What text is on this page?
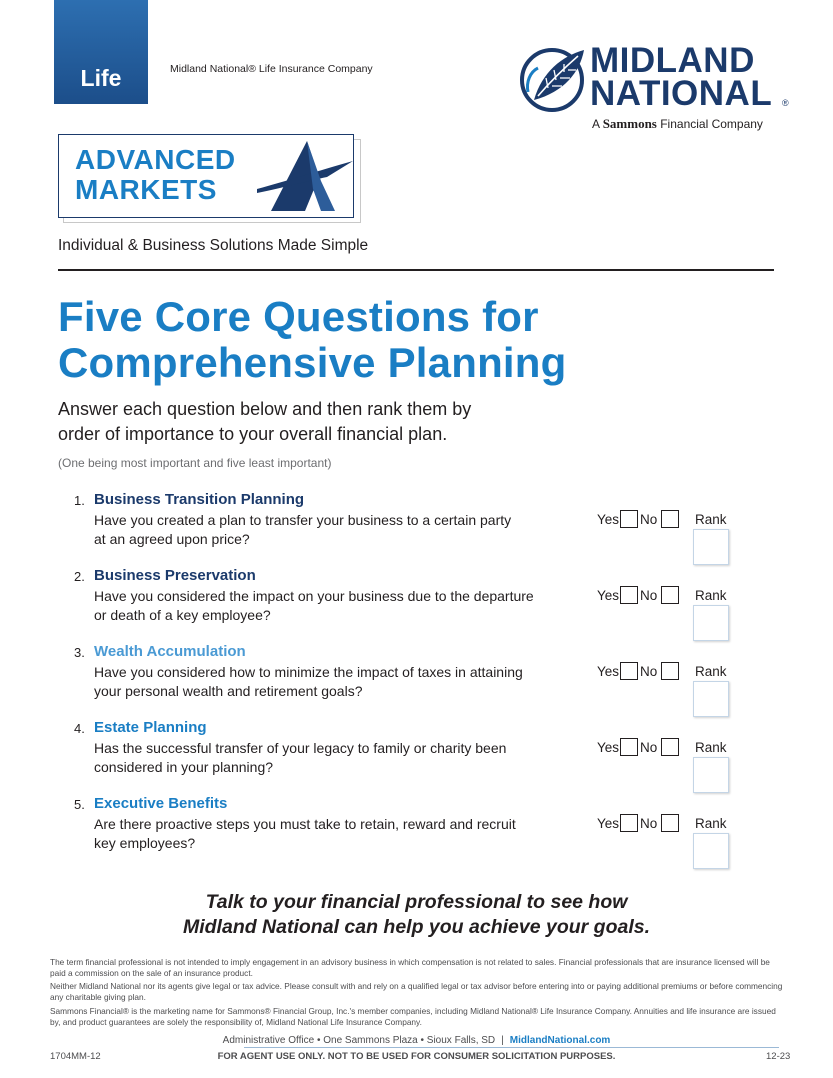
Life	Midland National® Life Insurance Company	MIDLAND
NATIONAL ®
A Sammons Financial Company
ADVANCED
MARKETS
Individual & Business Solutions Made Simple
Five Core Questions for
Comprehensive Planning
Answer each question below and then rank them by
order of importance to your overall financial plan.
(One being most important and five least important)
1. Business Transition Planning
Have you created a plan to transfer your business to a certain party
at an agreed upon price?
Yes No	Rank
2. Business Preservation
Have you considered the impact on your business due to the departure
or death of a key employee?
Yes No	Rank
3. Wealth Accumulation
Have you considered how to minimize the impact of taxes in attaining
your personal wealth and retirement goals?
Yes No	Rank
4. Estate Planning
Has the successful transfer of your legacy to family or charity been
considered in your planning?
Yes No	Rank
5. Executive Benefits
Are there proactive steps you must take to retain, reward and recruit
key employees?
Yes No	Rank
Talk to your financial professional to see how
Midland National can help you achieve your goals.
The term financial professional is not intended to imply engagement in an advisory business in which compensation is not related to sales. Financial professionals that are insurance licensed will be paid a commission on the sale of an insurance product.
Neither Midland National nor its agents give legal or tax advice. Please consult with and rely on a qualified legal or tax advisor before entering into or paying additional premiums or before commencing any charitable giving plan.
Sammons Financial® is the marketing name for Sammons® Financial Group, Inc.'s member companies, including Midland National® Life Insurance Company. Annuities and life insurance are issued by, and product guarantees are solely the responsibility of, Midland National Life Insurance Company.
Administrative Office • One Sammons Plaza • Sioux Falls, SD | MidlandNational.com
1704MM-12	FOR AGENT USE ONLY. NOT TO BE USED FOR CONSUMER SOLICITATION PURPOSES.	12-23
